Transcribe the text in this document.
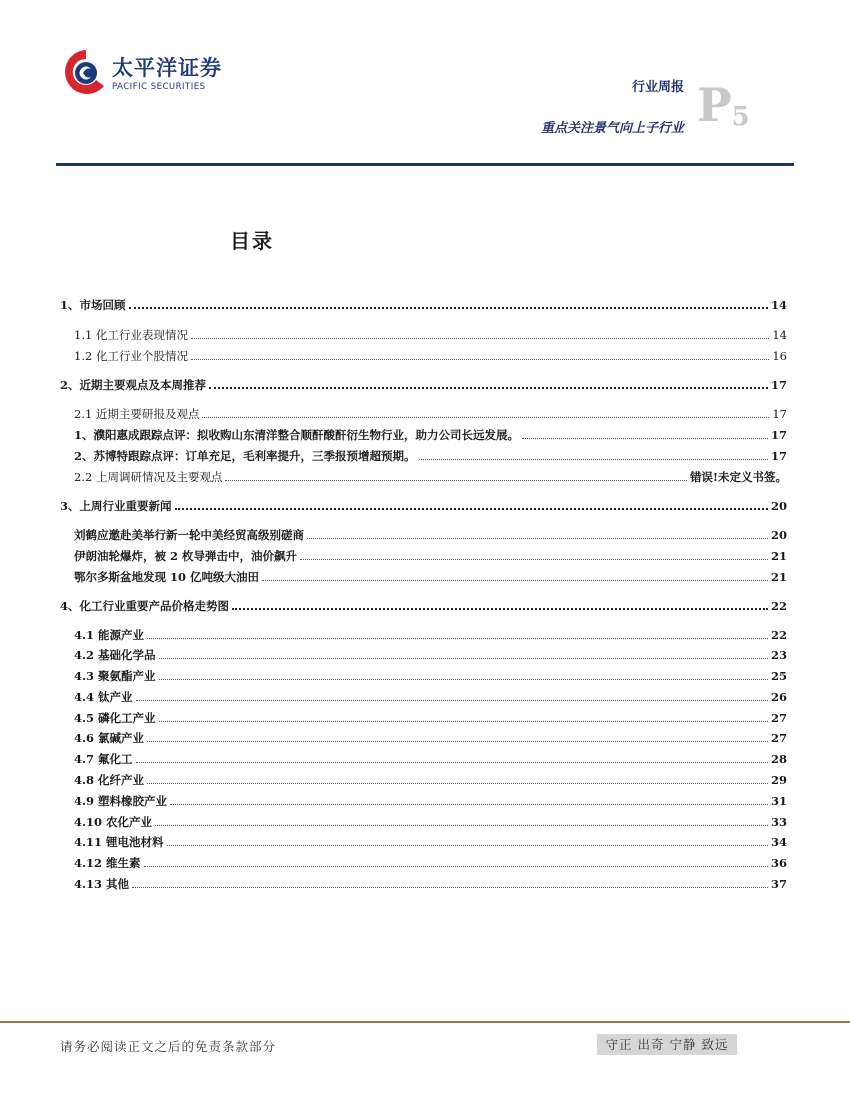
太平洋证券
PACIFIC SECURITIES	行业周报
重点关注景气向上子行业 P5
目录
1、市场回顾	14
1.1 化工行业表现情况	14
1.2 化工行业个股情况	16
2、近期主要观点及本周推荐	17
2.1 近期主要研报及观点	17
1、濮阳惠成跟踪点评：拟收购山东清洋整合顺酐酸酐衍生物行业，助力公司长远发展。	17
2、苏博特跟踪点评：订单充足，毛利率提升，三季报预增超预期。	17
2.2 上周调研情况及主要观点	错误!未定义书签。
3、上周行业重要新闻	20
刘鹤应邀赴美举行新一轮中美经贸高级别磋商	20
伊朗油轮爆炸，被 2 枚导弹击中，油价飙升	21
鄂尔多斯盆地发现 10 亿吨级大油田	21
4、化工行业重要产品价格走势图	22
4.1 能源产业	22
4.2 基础化学品	23
4.3 聚氨酯产业	25
4.4 钛产业	26
4.5 磷化工产业	27
4.6 氯碱产业	27
4.7 氟化工	28
4.8 化纤产业	29
4.9 塑料橡胶产业	31
4.10 农化产业	33
4.11 锂电池材料	34
4.12 维生素	36
4.13 其他	37
请务必阅读正文之后的免责条款部分	守正 出奇 宁静 致远
